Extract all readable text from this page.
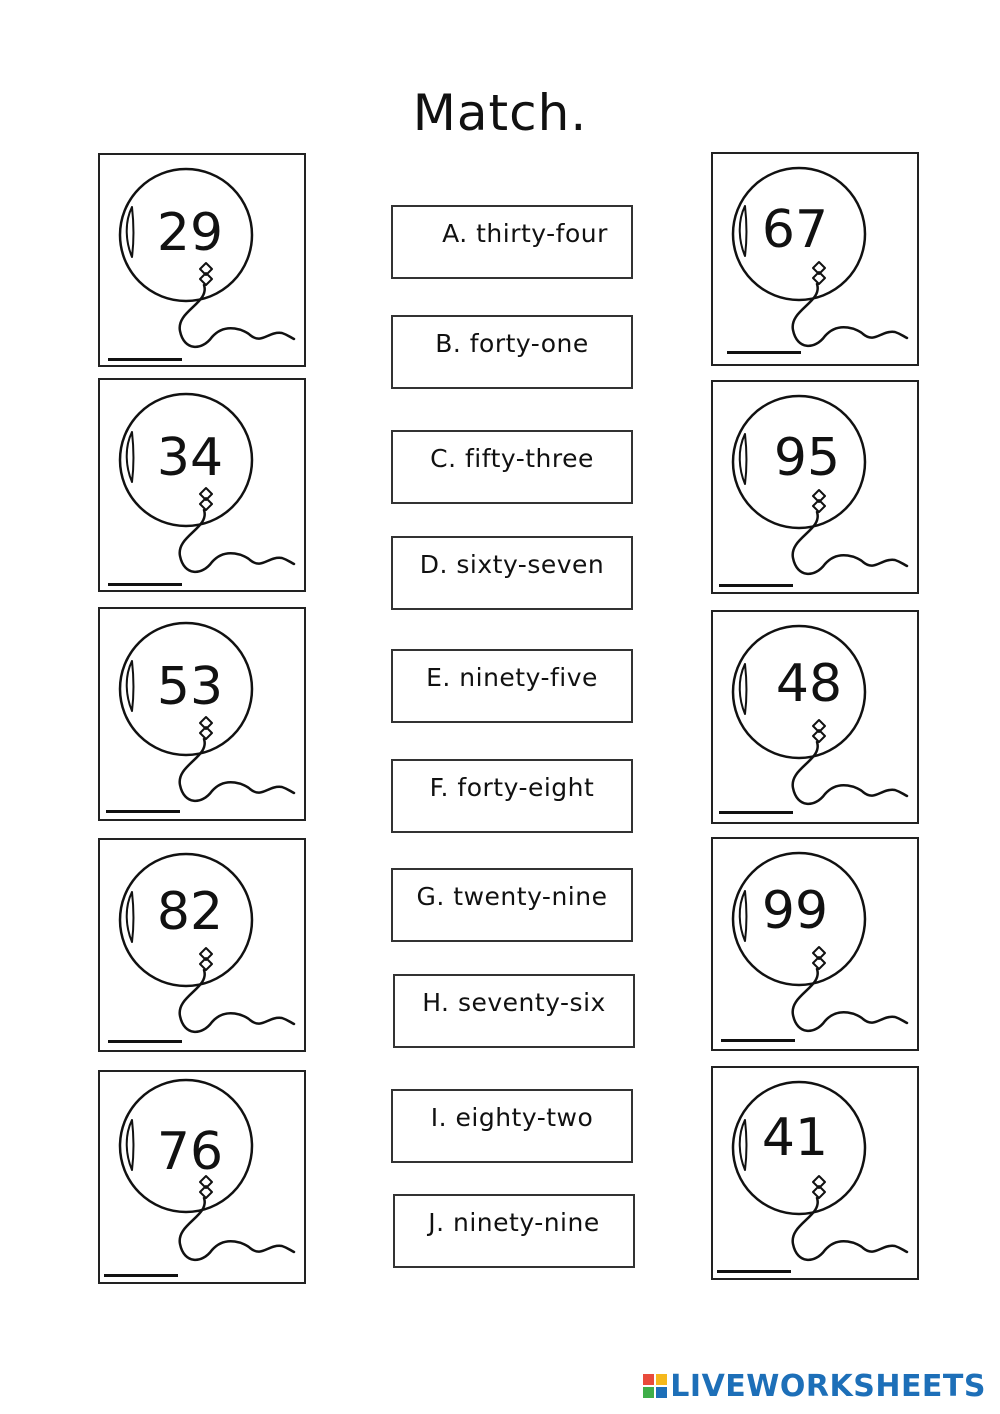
Match.
29
34
53
82
76
67
95
48
99
41
A. thirty-four
B. forty-one
C. fifty-three
D. sixty-seven
E. ninety-five
F. forty-eight
G. twenty-nine
H. seventy-six
I. eighty-two
J. ninety-nine
LIVEWORKSHEETS
